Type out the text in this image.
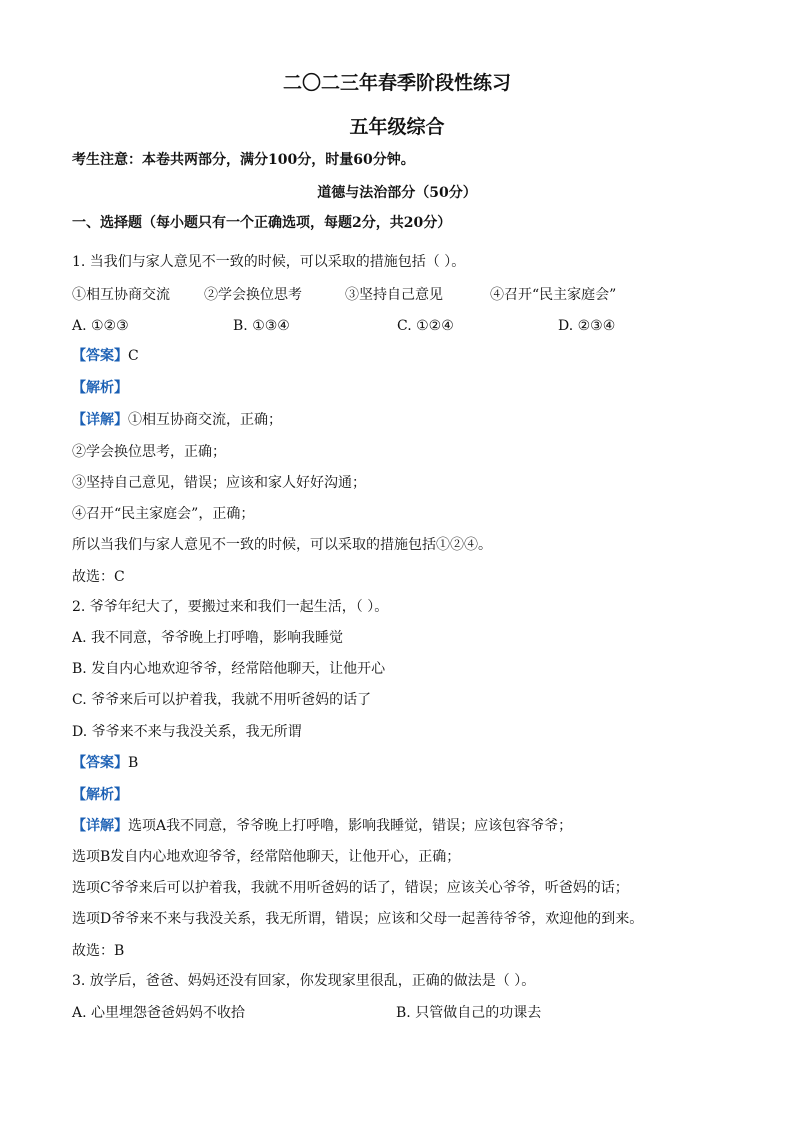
二〇二三年春季阶段性练习
五年级综合
考生注意：本卷共两部分，满分100分，时量60分钟。
道德与法治部分（50分）
一、选择题（每小题只有一个正确选项，每题2分，共20分）
1. 当我们与家人意见不一致的时候，可以采取的措施包括（ ）。
①相互协商交流 ②学会换位思考	③坚持自己意见	④召开“民主家庭会”
A. ①②③	B. ①③④	C. ①②④	D. ②③④
【答案】C
【解析】
【详解】①相互协商交流，正确；
②学会换位思考，正确；
③坚持自己意见，错误；应该和家人好好沟通；
④召开“民主家庭会”，正确；
所以当我们与家人意见不一致的时候，可以采取的措施包括①②④。
故选：C
2. 爷爷年纪大了，要搬过来和我们一起生活，（ ）。
A. 我不同意，爷爷晚上打呼噜，影响我睡觉
B. 发自内心地欢迎爷爷，经常陪他聊天，让他开心
C. 爷爷来后可以护着我，我就不用听爸妈的话了
D. 爷爷来不来与我没关系，我无所谓
【答案】B
【解析】
【详解】选项A我不同意，爷爷晚上打呼噜，影响我睡觉，错误；应该包容爷爷；
选项B发自内心地欢迎爷爷，经常陪他聊天，让他开心，正确；
选项C爷爷来后可以护着我，我就不用听爸妈的话了，错误；应该关心爷爷，听爸妈的话；
选项D爷爷来不来与我没关系，我无所谓，错误；应该和父母一起善待爷爷，欢迎他的到来。
故选：B
3. 放学后，爸爸、妈妈还没有回家，你发现家里很乱，正确的做法是（ ）。
A. 心里埋怨爸爸妈妈不收拾	B. 只管做自己的功课去
